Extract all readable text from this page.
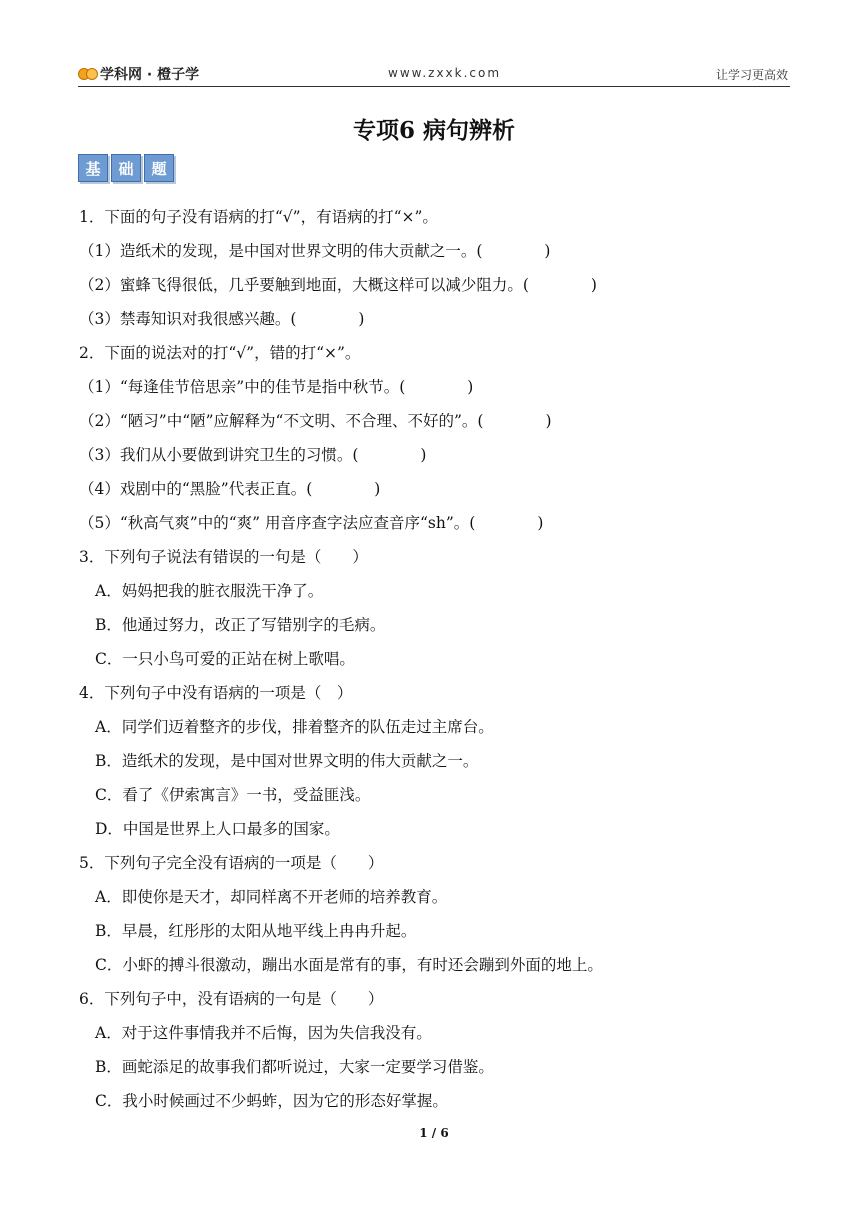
学科网 · 橙子学	www.zxxk.com	让学习更高效
专项6 病句辨析
基	础	题
1．下面的句子没有语病的打“√”，有语病的打“×”。
（1）造纸术的发现，是中国对世界文明的伟大贡献之一。(　　　　)
（2）蜜蜂飞得很低，几乎要触到地面，大概这样可以减少阻力。(　　　　)
（3）禁毒知识对我很感兴趣。(　　　　)
2．下面的说法对的打“√”，错的打“×”。
（1）“每逢佳节倍思亲”中的佳节是指中秋节。(　　　　)
（2）“陋习”中“陋”应解释为“不文明、不合理、不好的”。(　　　　)
（3）我们从小要做到讲究卫生的习惯。(　　　　)
（4）戏剧中的“黑脸”代表正直。(　　　　)
（5）“秋高气爽”中的“爽” 用音序查字法应查音序“sh”。(　　　　)
3．下列句子说法有错误的一句是（　　）
A．妈妈把我的脏衣服洗干净了。
B．他通过努力，改正了写错别字的毛病。
C．一只小鸟可爱的正站在树上歌唱。
4．下列句子中没有语病的一项是（　）
A．同学们迈着整齐的步伐，排着整齐的队伍走过主席台。
B．造纸术的发现，是中国对世界文明的伟大贡献之一。
C．看了《伊索寓言》一书，受益匪浅。
D．中国是世界上人口最多的国家。
5．下列句子完全没有语病的一项是（　　）
A．即使你是天才，却同样离不开老师的培养教育。
B．早晨，红彤彤的太阳从地平线上冉冉升起。
C．小虾的搏斗很激动，蹦出水面是常有的事，有时还会蹦到外面的地上。
6．下列句子中，没有语病的一句是（　　）
A．对于这件事情我并不后悔，因为失信我没有。
B．画蛇添足的故事我们都听说过，大家一定要学习借鉴。
C．我小时候画过不少蚂蚱，因为它的形态好掌握。
1 / 6
